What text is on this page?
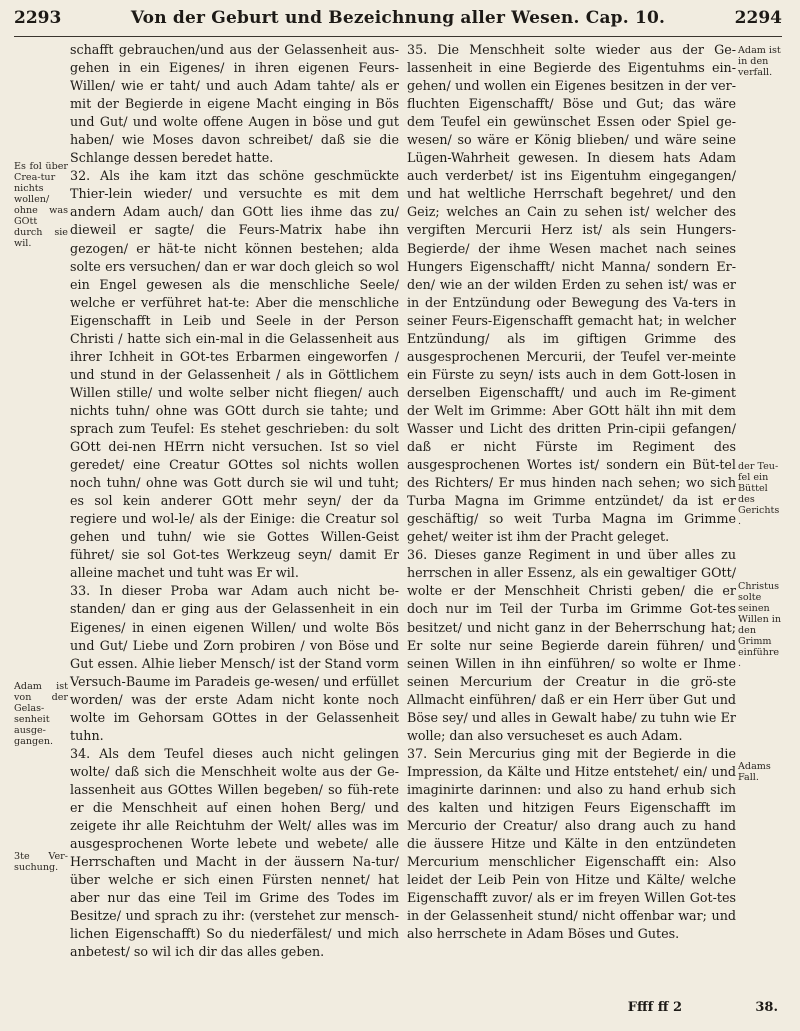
2293	Von der Geburt und Bezeichnung aller Wesen. Cap. 10.	2294
Es fol über Crea-tur nichts wollen/ ohne was GOtt durch sie wil.
Adam ist von der Gelas-senheit ausge-gangen.
3te Ver-suchung.

schafft gebrauchen/und aus der Gelassenheit aus-gehen in ein Eigenes/ in ihren eigenen Feurs-Willen/ wie er taht/ und auch Adam tahte/ als er mit der Begierde in eigene Macht einging in Bös und Gut/ und wolte offene Augen in böse und gut haben/ wie Moses davon schreibet/ daß sie die Schlange dessen beredet hatte.

32. Als ihe kam itzt das schöne geschmückte Thier-lein wieder/ und versuchte es mit dem andern Adam auch/ dan GOtt lies ihme das zu/ dieweil er sagte/ die Feurs-Matrix habe ihn gezogen/ er hät-te nicht können bestehen; alda solte ers versuchen/ dan er war doch gleich so wol ein Engel gewesen als die menschliche Seele/ welche er verführet hat-te: Aber die menschliche Eigenschafft in Leib und Seele in der Person Christi / hatte sich ein-mal in die Gelassenheit aus ihrer Ichheit in GOt-tes Erbarmen eingeworfen / und stund in der Gelassenheit / als in Göttlichem Willen stille/ und wolte selber nicht fliegen/ auch nichts tuhn/ ohne was GOtt durch sie tahte; und sprach zum Teufel: Es stehet geschrieben: du solt GOtt dei-nen HErrn nicht versuchen. Ist so viel geredet/ eine Creatur GOttes sol nichts wollen noch tuhn/ ohne was Gott durch sie wil und tuht; es sol kein anderer GOtt mehr seyn/ der da regiere und wol-le/ als der Einige: die Creatur sol gehen und tuhn/ wie sie Gottes Willen-Geist führet/ sie sol Got-tes Werkzeug seyn/ damit Er alleine machet und tuht was Er wil.

33. In dieser Proba war Adam auch nicht be-standen/ dan er ging aus der Gelassenheit in ein Eigenes/ in einen eigenen Willen/ und wolte Bös und Gut/ Liebe und Zorn probiren / von Böse und Gut essen. Alhie lieber Mensch/ ist der Stand vorm Versuch-Baume im Paradeis ge-wesen/ und erfüllet worden/ was der erste Adam nicht konte noch wolte im Gehorsam GOttes in der Gelassenheit tuhn.

34. Als dem Teufel dieses auch nicht gelingen wolte/ daß sich die Menschheit wolte aus der Ge-lassenheit aus GOttes Willen begeben/ so füh-rete er die Menschheit auf einen hohen Berg/ und zeigete ihr alle Reichtuhm der Welt/ alles was im ausgesprochenen Worte lebete und webete/ alle Herrschaften und Macht in der äussern Na-tur/ über welche er sich einen Fürsten nennet/ hat aber nur das eine Teil im Grime des Todes im Besitze/ und sprach zu ihr: (verstehet zur mensch-lichen Eigenschafft) So du niederfälest/ und mich anbetest/ so wil ich dir das alles geben.

Adam ist in den verfall.
der Teu-fel ein Büttel des Gerichts.
Christus solte seinen Willen in den Grimm einführe.
Adams Fall.

35. Die Menschheit solte wieder aus der Ge-lassenheit in eine Begierde des Eigentuhms ein-gehen/ und wollen ein Eigenes besitzen in der ver-fluchten Eigenschafft/ Böse und Gut; das wäre dem Teufel ein gewünschet Essen oder Spiel ge-wesen/ so wäre er König blieben/ und wäre seine Lügen-Wahrheit gewesen. In diesem hats Adam auch verderbet/ ist ins Eigentuhm eingegangen/ und hat weltliche Herrschaft begehret/ und den Geiz; welches an Cain zu sehen ist/ welcher des vergiften Mercurii Herz ist/ als sein Hungers-Begierde/ der ihme Wesen machet nach seines Hungers Eigenschafft/ nicht Manna/ sondern Er-den/ wie an der wilden Erden zu sehen ist/ was er in der Entzündung oder Bewegung des Va-ters in seiner Feurs-Eigenschafft gemacht hat; in welcher Entzündung/ als im giftigen Grimme des ausgesprochenen Mercurii, der Teufel ver-meinte ein Fürste zu seyn/ ists auch in dem Gott-losen in derselben Eigenschafft/ und auch im Re-giment der Welt im Grimme: Aber GOtt hält ihn mit dem Wasser und Licht des dritten Prin-cipii gefangen/ daß er nicht Fürste im Regiment des ausgesprochenen Wortes ist/ sondern ein Büt-tel des Richters/ Er mus hinden nach sehen; wo sich Turba Magna im Grimme entzündet/ da ist er geschäftig/ so weit Turba Magna im Grimme gehet/ weiter ist ihm der Pracht geleget.

36. Dieses ganze Regiment in und über alles zu herrschen in aller Essenz, als ein gewaltiger GOtt/ wolte er der Menschheit Christi geben/ die er doch nur im Teil der Turba im Grimme Got-tes besitzet/ und nicht ganz in der Beherrschung hat; Er solte nur seine Begierde darein führen/ und seinen Willen in ihn einführen/ so wolte er Ihme seinen Mercurium der Creatur in die grö-ste Allmacht einführen/ daß er ein Herr über Gut und Böse sey/ und alles in Gewalt habe/ zu tuhn wie Er wolle; dan also versucheset es auch Adam.

37. Sein Mercurius ging mit der Begierde in die Impression, da Kälte und Hitze entstehet/ ein/ und imaginirte darinnen: und also zu hand erhub sich des kalten und hitzigen Feurs Eigenschafft im Mercurio der Creatur/ also drang auch zu hand die äussere Hitze und Kälte in den entzündeten Mercurium menschlicher Eigenschafft ein: Also leidet der Leib Pein von Hitze und Kälte/ welche Eigenschafft zuvor/ als er im freyen Willen Got-tes in der Gelassenheit stund/ nicht offenbar war; und also herrschete in Adam Böses und Gutes.

Ffff ff 2	38.
